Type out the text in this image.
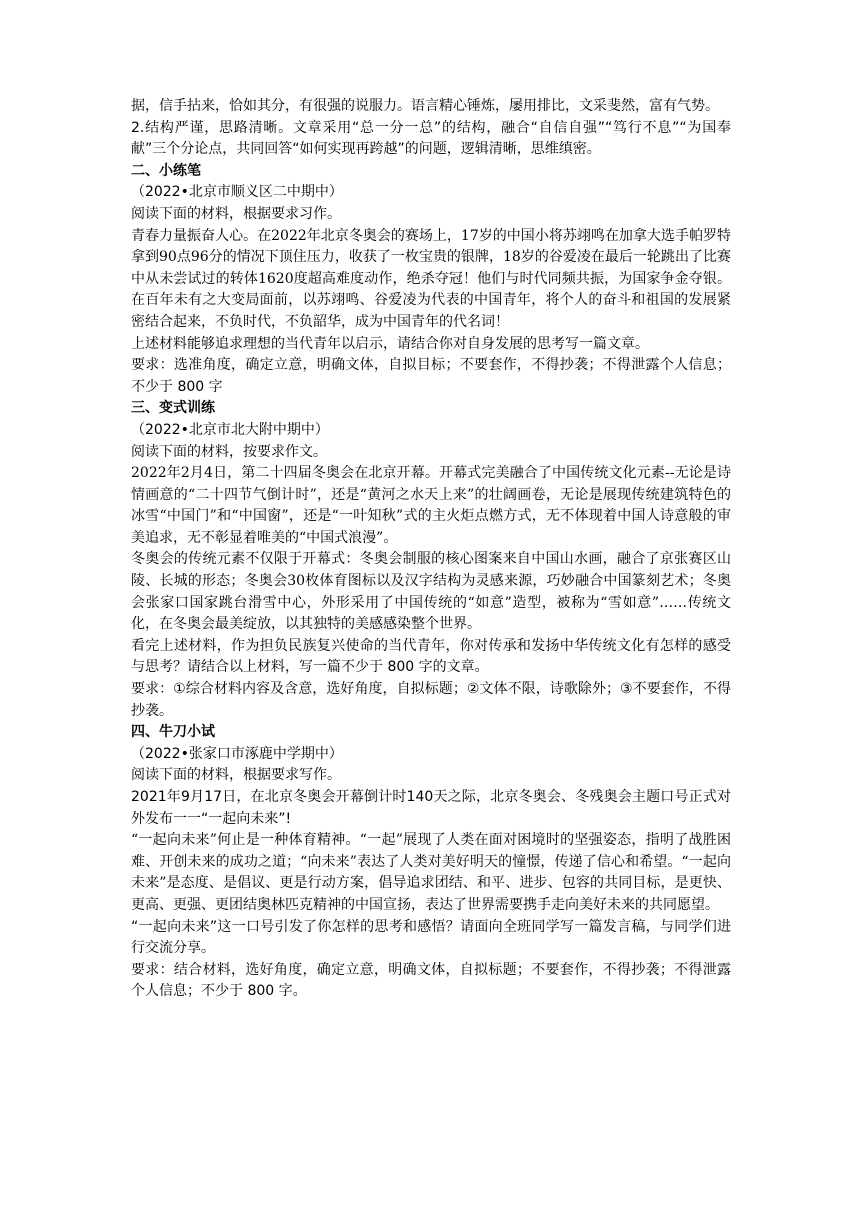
据，信手拈来，恰如其分，有很强的说服力。语言精心锤炼，屡用排比，文采斐然，富有气势。

2.结构严谨，思路清晰。文章采用“总一分一总”的结构，融合“自信自强”“笃行不息”“为国奉献”三个分论点，共同回答“如何实现再跨越”的问题，逻辑清晰，思维缜密。

二、小练笔

（2022•北京市顺义区二中期中）

阅读下面的材料，根据要求习作。

青春力量振奋人心。在2022年北京冬奥会的赛场上，17岁的中国小将苏翊鸣在加拿大选手帕罗特拿到90点96分的情况下顶住压力，收获了一枚宝贵的银牌，18岁的谷爱凌在最后一轮跳出了比赛中从未尝试过的转体1620度超高难度动作，绝杀夺冠！他们与时代同频共振，为国家争金夺银。在百年未有之大变局面前，以苏翊鸣、谷爱凌为代表的中国青年，将个人的奋斗和祖国的发展紧密结合起来，不负时代，不负韶华，成为中国青年的代名词！

上述材料能够追求理想的当代青年以启示，请结合你对自身发展的思考写一篇文章。

要求：选准角度，确定立意，明确文体，自拟目标；不要套作，不得抄袭；不得泄露个人信息； 不少于 800 字

三、变式训练

（2022•北京市北大附中期中）

阅读下面的材料，按要求作文。

2022年2月4日，第二十四届冬奥会在北京开幕。开幕式完美融合了中国传统文化元素--无论是诗情画意的“二十四节气倒计时”，还是“黄河之水天上来”的壮阔画卷，无论是展现传统建筑特色的冰雪“中国门”和“中国窗”，还是“一叶知秋”式的主火炬点燃方式，无不体现着中国人诗意般的审美追求，无不彰显着唯美的“中国式浪漫”。

冬奥会的传统元素不仅限于开幕式：冬奥会制服的核心图案来自中国山水画，融合了京张赛区山陵、长城的形态；冬奥会30枚体育图标以及汉字结构为灵感来源，巧妙融合中国篆刻艺术；冬奥会张家口国家跳台滑雪中心，外形采用了中国传统的“如意”造型，被称为“雪如意”……传统文化，在冬奥会最美绽放，以其独特的美感感染整个世界。

看完上述材料，作为担负民族复兴使命的当代青年，你对传承和发扬中华传统文化有怎样的感受与思考？请结合以上材料，写一篇不少于 800 字的文章。

要求：①综合材料内容及含意，选好角度，自拟标题；②文体不限，诗歌除外；③不要套作，不得抄袭。

四、牛刀小试

（2022•张家口市涿鹿中学期中）

阅读下面的材料，根据要求写作。

2021年9月17日，在北京冬奥会开幕倒计时140天之际，北京冬奥会、冬残奥会主题口号正式对外发布一一“一起向未来”!

“一起向未来”何止是一种体育精神。“一起”展现了人类在面对困境时的坚强姿态，指明了战胜困难、开创未来的成功之道；“向未来”表达了人类对美好明天的憧憬，传递了信心和希望。“一起向未来”是态度、是倡议、更是行动方案，倡导追求团结、和平、进步、包容的共同目标，是更快、更高、更强、更团结奥林匹克精神的中国宣扬，表达了世界需要携手走向美好未来的共同愿望。

“一起向未来”这一口号引发了你怎样的思考和感悟？请面向全班同学写一篇发言稿，与同学们进行交流分享。

要求：结合材料，选好角度，确定立意，明确文体，自拟标题；不要套作，不得抄袭；不得泄露个人信息；不少于 800 字。
